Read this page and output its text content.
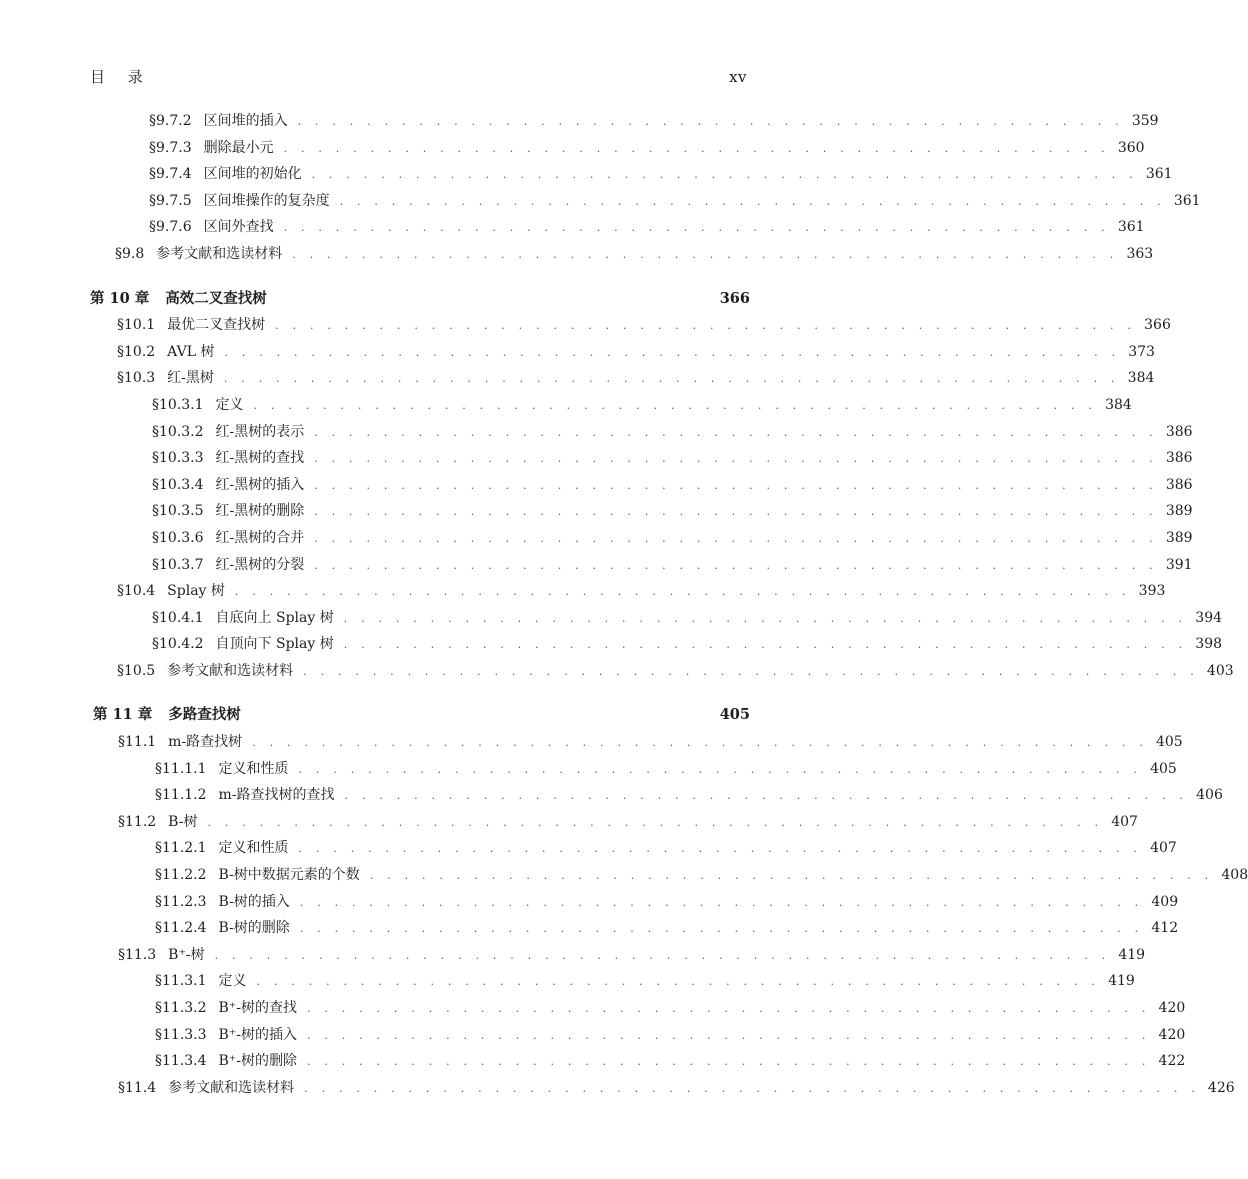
目 录	xv
§9.7.2 区间堆的插入 . . . . . . . . . . . . . . . . . . . . . . . . . . . . . . . . . . . . . . . . . . . . . . . . 359
§9.7.3 删除最小元 . . . . . . . . . . . . . . . . . . . . . . . . . . . . . . . . . . . . . . . . . . . . . . . . 360
§9.7.4 区间堆的初始化 . . . . . . . . . . . . . . . . . . . . . . . . . . . . . . . . . . . . . . . . . . . . . . . . 361
§9.7.5 区间堆操作的复杂度 . . . . . . . . . . . . . . . . . . . . . . . . . . . . . . . . . . . . . . . . . . . . . . . . 361
§9.7.6 区间外查找 . . . . . . . . . . . . . . . . . . . . . . . . . . . . . . . . . . . . . . . . . . . . . . . . 361
§9.8 参考文献和选读材料 . . . . . . . . . . . . . . . . . . . . . . . . . . . . . . . . . . . . . . . . . . . . . . . . 363
第 10 章 高效二叉查找树	366
§10.1 最优二叉查找树 . . . . . . . . . . . . . . . . . . . . . . . . . . . . . . . . . . . . . . . . . . . . . . . . . . 366
§10.2 AVL 树 . . . . . . . . . . . . . . . . . . . . . . . . . . . . . . . . . . . . . . . . . . . . . . . . . . . . 373
§10.3 红-黑树 . . . . . . . . . . . . . . . . . . . . . . . . . . . . . . . . . . . . . . . . . . . . . . . . . . . . 384
§10.3.1 定义 . . . . . . . . . . . . . . . . . . . . . . . . . . . . . . . . . . . . . . . . . . . . . . . . . 384
§10.3.2 红-黑树的表示 . . . . . . . . . . . . . . . . . . . . . . . . . . . . . . . . . . . . . . . . . . . . . . . . . 386
§10.3.3 红-黑树的查找 . . . . . . . . . . . . . . . . . . . . . . . . . . . . . . . . . . . . . . . . . . . . . . . . . 386
§10.3.4 红-黑树的插入 . . . . . . . . . . . . . . . . . . . . . . . . . . . . . . . . . . . . . . . . . . . . . . . . . 386
§10.3.5 红-黑树的删除 . . . . . . . . . . . . . . . . . . . . . . . . . . . . . . . . . . . . . . . . . . . . . . . . . 389
§10.3.6 红-黑树的合并 . . . . . . . . . . . . . . . . . . . . . . . . . . . . . . . . . . . . . . . . . . . . . . . . . 389
§10.3.7 红-黑树的分裂 . . . . . . . . . . . . . . . . . . . . . . . . . . . . . . . . . . . . . . . . . . . . . . . . . 391
§10.4 Splay 树 . . . . . . . . . . . . . . . . . . . . . . . . . . . . . . . . . . . . . . . . . . . . . . . . . . . . 393
§10.4.1 自底向上 Splay 树 . . . . . . . . . . . . . . . . . . . . . . . . . . . . . . . . . . . . . . . . . . . . . . . . . 394
§10.4.2 自顶向下 Splay 树 . . . . . . . . . . . . . . . . . . . . . . . . . . . . . . . . . . . . . . . . . . . . . . . . . 398
§10.5 参考文献和选读材料 . . . . . . . . . . . . . . . . . . . . . . . . . . . . . . . . . . . . . . . . . . . . . . . . . . . . 403
第 11 章 多路查找树	405
§11.1 m-路查找树 . . . . . . . . . . . . . . . . . . . . . . . . . . . . . . . . . . . . . . . . . . . . . . . . . . . . 405
§11.1.1 定义和性质 . . . . . . . . . . . . . . . . . . . . . . . . . . . . . . . . . . . . . . . . . . . . . . . . . 405
§11.1.2 m-路查找树的查找 . . . . . . . . . . . . . . . . . . . . . . . . . . . . . . . . . . . . . . . . . . . . . . . . . 406
§11.2 B-树 . . . . . . . . . . . . . . . . . . . . . . . . . . . . . . . . . . . . . . . . . . . . . . . . . . . . 407
§11.2.1 定义和性质 . . . . . . . . . . . . . . . . . . . . . . . . . . . . . . . . . . . . . . . . . . . . . . . . . 407
§11.2.2 B-树中数据元素的个数 . . . . . . . . . . . . . . . . . . . . . . . . . . . . . . . . . . . . . . . . . . . . . . . . . 408
§11.2.3 B-树的插入 . . . . . . . . . . . . . . . . . . . . . . . . . . . . . . . . . . . . . . . . . . . . . . . . . 409
§11.2.4 B-树的删除 . . . . . . . . . . . . . . . . . . . . . . . . . . . . . . . . . . . . . . . . . . . . . . . . . 412
§11.3 B⁺-树 . . . . . . . . . . . . . . . . . . . . . . . . . . . . . . . . . . . . . . . . . . . . . . . . . . . . 419
§11.3.1 定义 . . . . . . . . . . . . . . . . . . . . . . . . . . . . . . . . . . . . . . . . . . . . . . . . . 419
§11.3.2 B⁺-树的查找 . . . . . . . . . . . . . . . . . . . . . . . . . . . . . . . . . . . . . . . . . . . . . . . . . 420
§11.3.3 B⁺-树的插入 . . . . . . . . . . . . . . . . . . . . . . . . . . . . . . . . . . . . . . . . . . . . . . . . . 420
§11.3.4 B⁺-树的删除 . . . . . . . . . . . . . . . . . . . . . . . . . . . . . . . . . . . . . . . . . . . . . . . . . 422
§11.4 参考文献和选读材料 . . . . . . . . . . . . . . . . . . . . . . . . . . . . . . . . . . . . . . . . . . . . . . . . . . . . 426
